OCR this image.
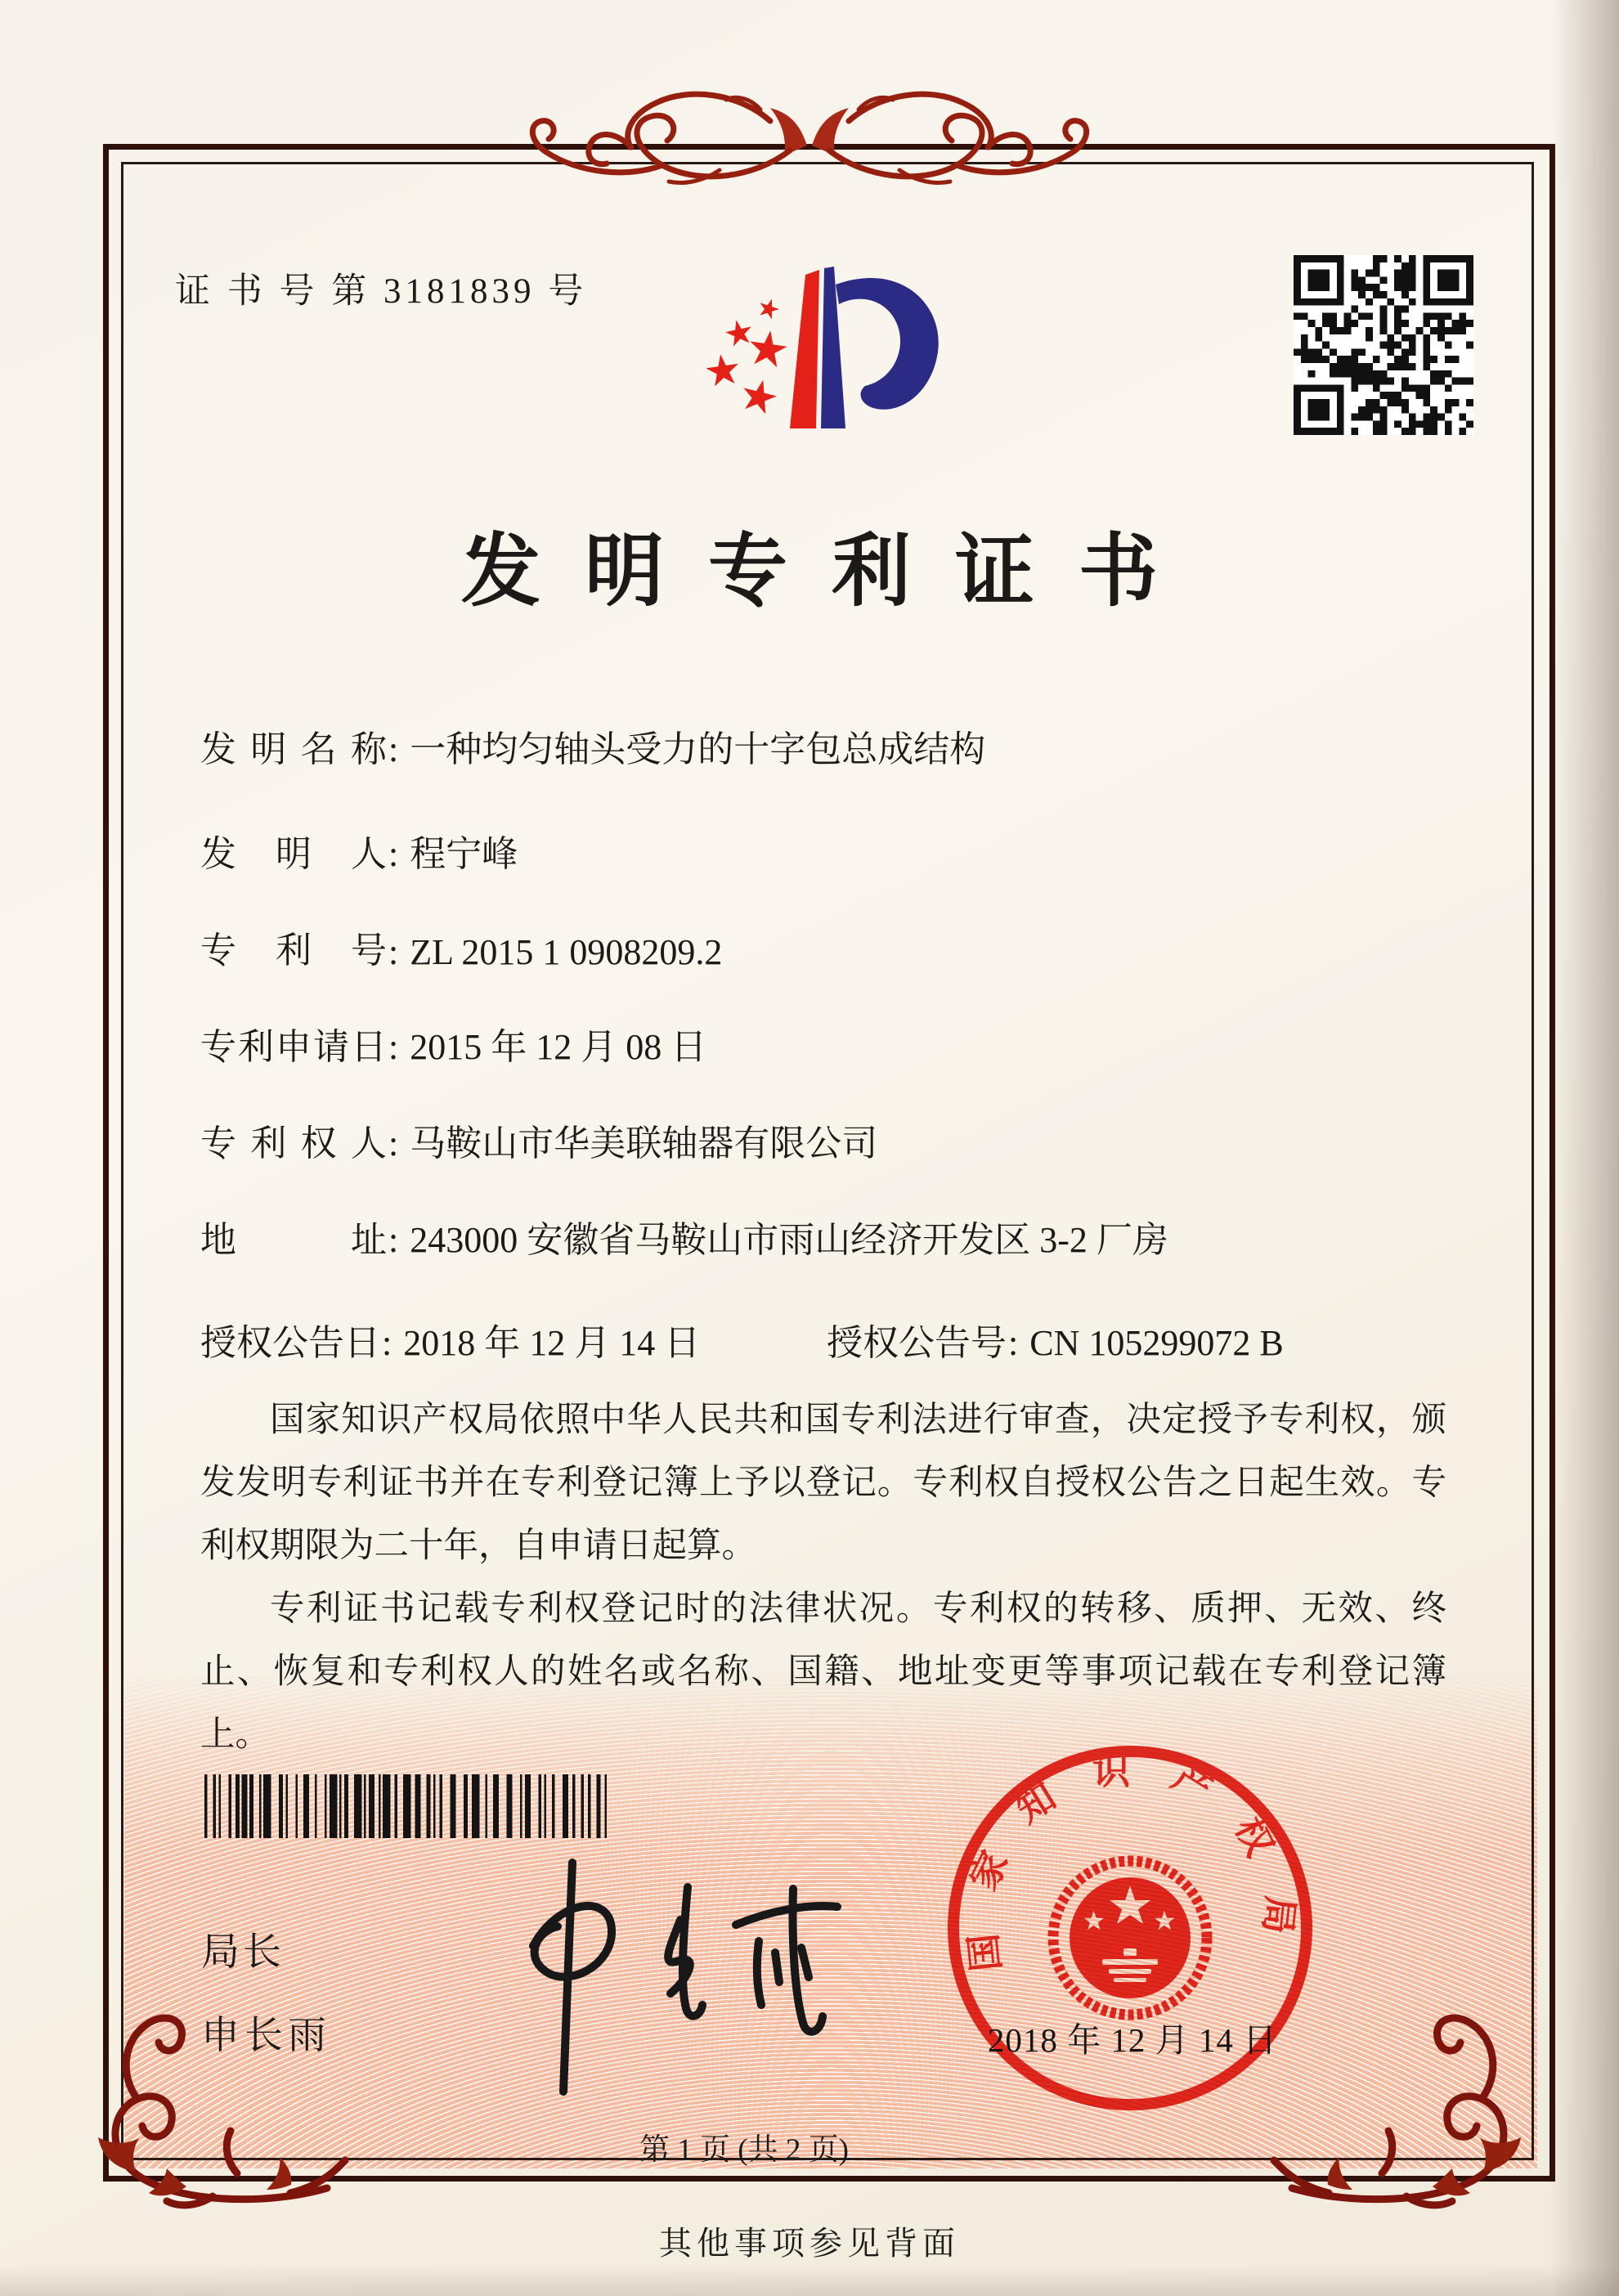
证 书 号 第 3181839 号
发明专利证书
发 明 名 称 : 一种均匀轴头受力的十字包总成结构
发 明 人 : 程宁峰
专 利 号 : ZL 2015 1 0908209.2
专 利 申 请 日 : 2015 年 12 月 08 日
专 利 权 人 : 马鞍山市华美联轴器有限公司
地	址 : 243000 安徽省马鞍山市雨山经济开发区 3-2 厂房
授权公告日: 2018 年 12 月 14 日	授权公告号: CN 105299072 B

国家知识产权局依照中华人民共和国专利法进行审查，决定授予专利权，颁发发明专利证书并在专利登记簿上予以登记。专利权自授权公告之日起生效。专利权期限为二十年，自申请日起算。

专利证书记载专利权登记时的法律状况。专利权的转移、质押、无效、终止、恢复和专利权人的姓名或名称、国籍、地址变更等事项记载在专利登记簿上。

局长
申长雨
国家知识产权局
2018 年 12 月 14 日
第 1 页 (共 2 页)
其他事项参见背面
